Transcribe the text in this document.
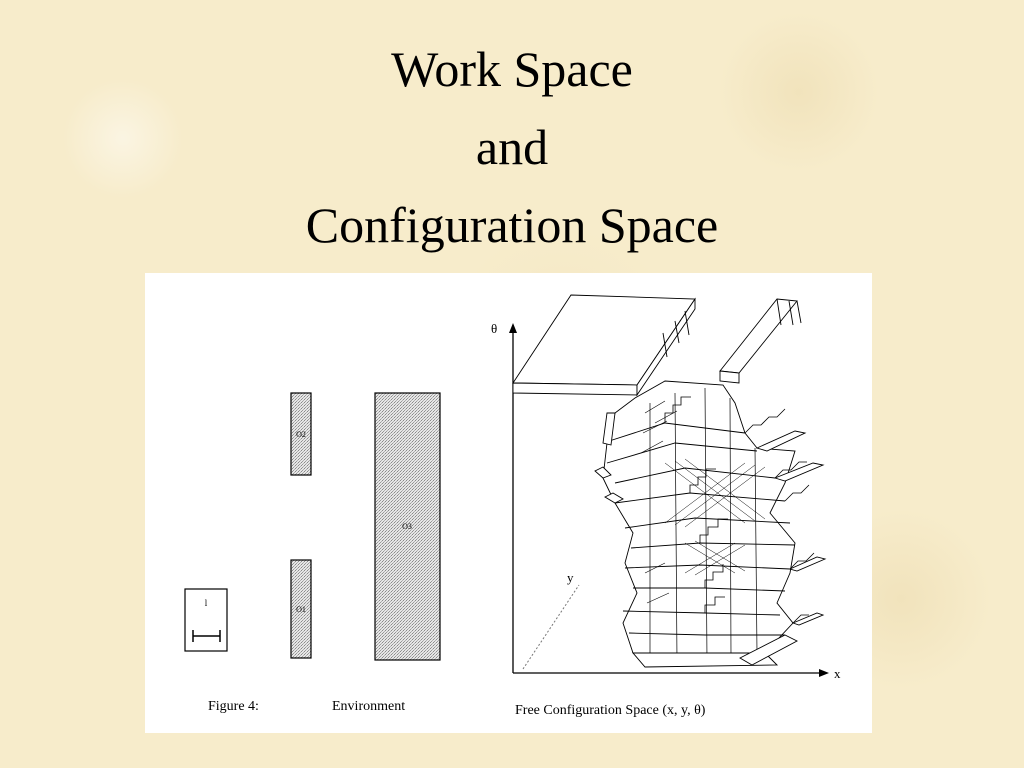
Work Space
and
Configuration Space
O2
O1
O3
l
θ
x
y
Figure 4:	Environment	Free Configuration Space (x, y, θ)
